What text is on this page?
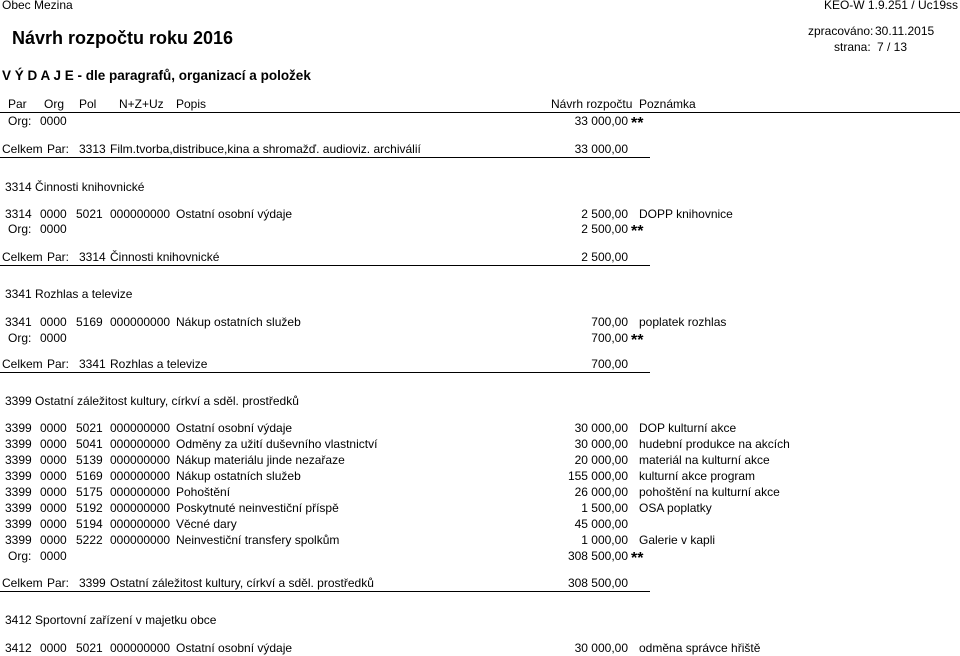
Obec Mezina	KEO-W 1.9.251 / Uc19ss
Návrh rozpočtu roku 2016	zpracováno: 30.11.2015
strana: 7 / 13
V Ý D A J E - dle paragrafů, organizací a položek
Par Org Pol N+Z+Uz Popis	Návrh rozpočtu Poznámka
Org: 0000	33 000,00 **
Celkem Par: 3313 Film.tvorba,distribuce,kina a shromažď. audioviz. archiválií	33 000,00
3314 Činnosti knihovnické
3314 0000 5021 000000000 Ostatní osobní výdaje	2 500,00 DOPP knihovnice
Org: 0000	2 500,00 **
Celkem Par: 3314 Činnosti knihovnické	2 500,00
3341 Rozhlas a televize
3341 0000 5169 000000000 Nákup ostatních služeb	700,00 poplatek rozhlas
Org: 0000	700,00 **
Celkem Par: 3341 Rozhlas a televize	700,00
3399 Ostatní záležitost kultury, církví a sděl. prostředků
3399 0000 5021 000000000 Ostatní osobní výdaje	30 000,00 DOP kulturní akce
3399 0000 5041 000000000 Odměny za užití duševního vlastnictví	30 000,00 hudební produkce na akcích
3399 0000 5139 000000000 Nákup materiálu jinde nezařaze	20 000,00 materiál na kulturní akce
3399 0000 5169 000000000 Nákup ostatních služeb	155 000,00 kulturní akce program
3399 0000 5175 000000000 Pohoštění	26 000,00 pohoštění na kulturní akce
3399 0000 5192 000000000 Poskytnuté neinvestiční příspě	1 500,00 OSA poplatky
3399 0000 5194 000000000 Věcné dary	45 000,00
3399 0000 5222 000000000 Neinvestiční transfery spolkům	1 000,00 Galerie v kapli
Org: 0000	308 500,00 **
Celkem Par: 3399 Ostatní záležitost kultury, církví a sděl. prostředků	308 500,00
3412 Sportovní zařízení v majetku obce
3412 0000 5021 000000000 Ostatní osobní výdaje	30 000,00 odměna správce hřiště
